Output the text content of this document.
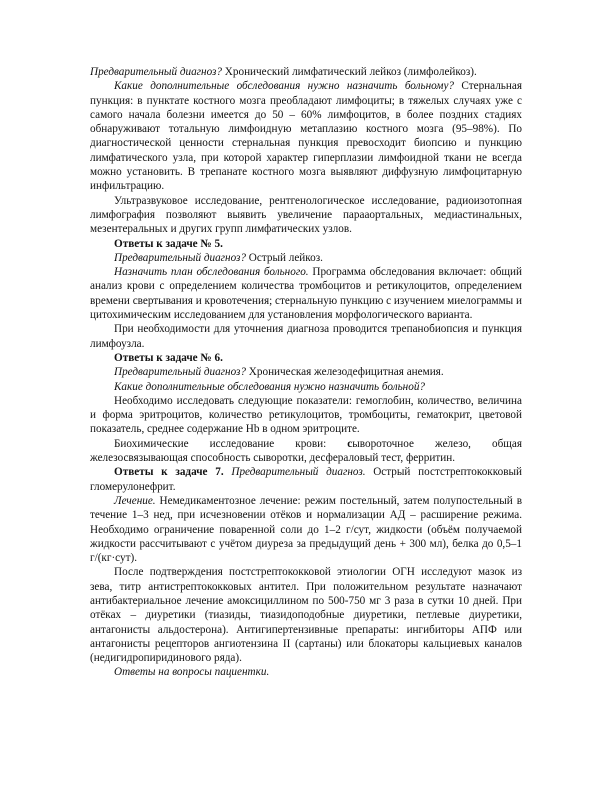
Предварительный диагноз? Хронический лимфатический лейкоз (лимфолейкоз).

Какие дополнительные обследования нужно назначить больному? Стернальная пункция: в пунктате костного мозга преобладают лимфоциты; в тяжелых случаях уже с самого начала болезни имеется до 50 – 60% лимфоцитов, в более поздних стадиях обнаруживают тотальную лимфоидную метаплазию костного мозга (95–98%). По диагностической ценности стернальная пункция превосходит биопсию и пункцию лимфатического узла, при которой характер гиперплазии лимфоидной ткани не всегда можно установить. В трепанате костного мозга выявляют диффузную лимфоцитарную инфильтрацию.

Ультразвуковое исследование, рентгенологическое исследование, радиоизотопная лимфография позволяют выявить увеличение парааортальных, медиастинальных, мезентеральных и других групп лимфатических узлов.

Ответы к задаче № 5.

Предварительный диагноз? Острый лейкоз.

Назначить план обследования больного. Программа обследования включает: общий анализ крови с определением количества тромбоцитов и ретикулоцитов, определением времени свертывания и кровотечения; стернальную пункцию с изучением миелограммы и цитохимическим исследованием для установления морфологического варианта.

При необходимости для уточнения диагноза проводится трепанобиопсия и пункция лимфоузла.

Ответы к задаче № 6.

Предварительный диагноз? Хроническая железодефицитная анемия.

Какие дополнительные обследования нужно назначить больной?

Необходимо исследовать следующие показатели: гемоглобин, количество, величина и форма эритроцитов, количество ретикулоцитов, тромбоциты, гематокрит, цветовой показатель, среднее содержание Hb в одном эритроците.

Биохимические исследование крови: сывороточное железо, общая железосвязывающая способность сыворотки, десфераловый тест, ферритин.

Ответы к задаче 7. Предварительный диагноз. Острый постстрептококковый гломерулонефрит.

Лечение. Немедикаментозное лечение: режим постельный, затем полупостельный в течение 1–3 нед, при исчезновении отёков и нормализации АД – расширение режима. Необходимо ограничение поваренной соли до 1–2 г/сут, жидкости (объём получаемой жидкости рассчитывают с учётом диуреза за предыдущий день + 300 мл), белка до 0,5–1 г/(кг·сут).

После подтверждения постстрептококковой этиологии ОГН исследуют мазок из зева, титр антистрептококковых антител. При положительном результате назначают антибактериальное лечение амоксициллином по 500-750 мг 3 раза в сутки 10 дней. При отёках – диуретики (тиазиды, тиазидоподобные диуретики, петлевые диуретики, антагонисты альдостерона). Антигипертензивные препараты: ингибиторы АПФ или антагонисты рецепторов ангиотензина II (сартаны) или блокаторы кальциевых каналов (недигидропиридинового ряда).

Ответы на вопросы пациентки.
